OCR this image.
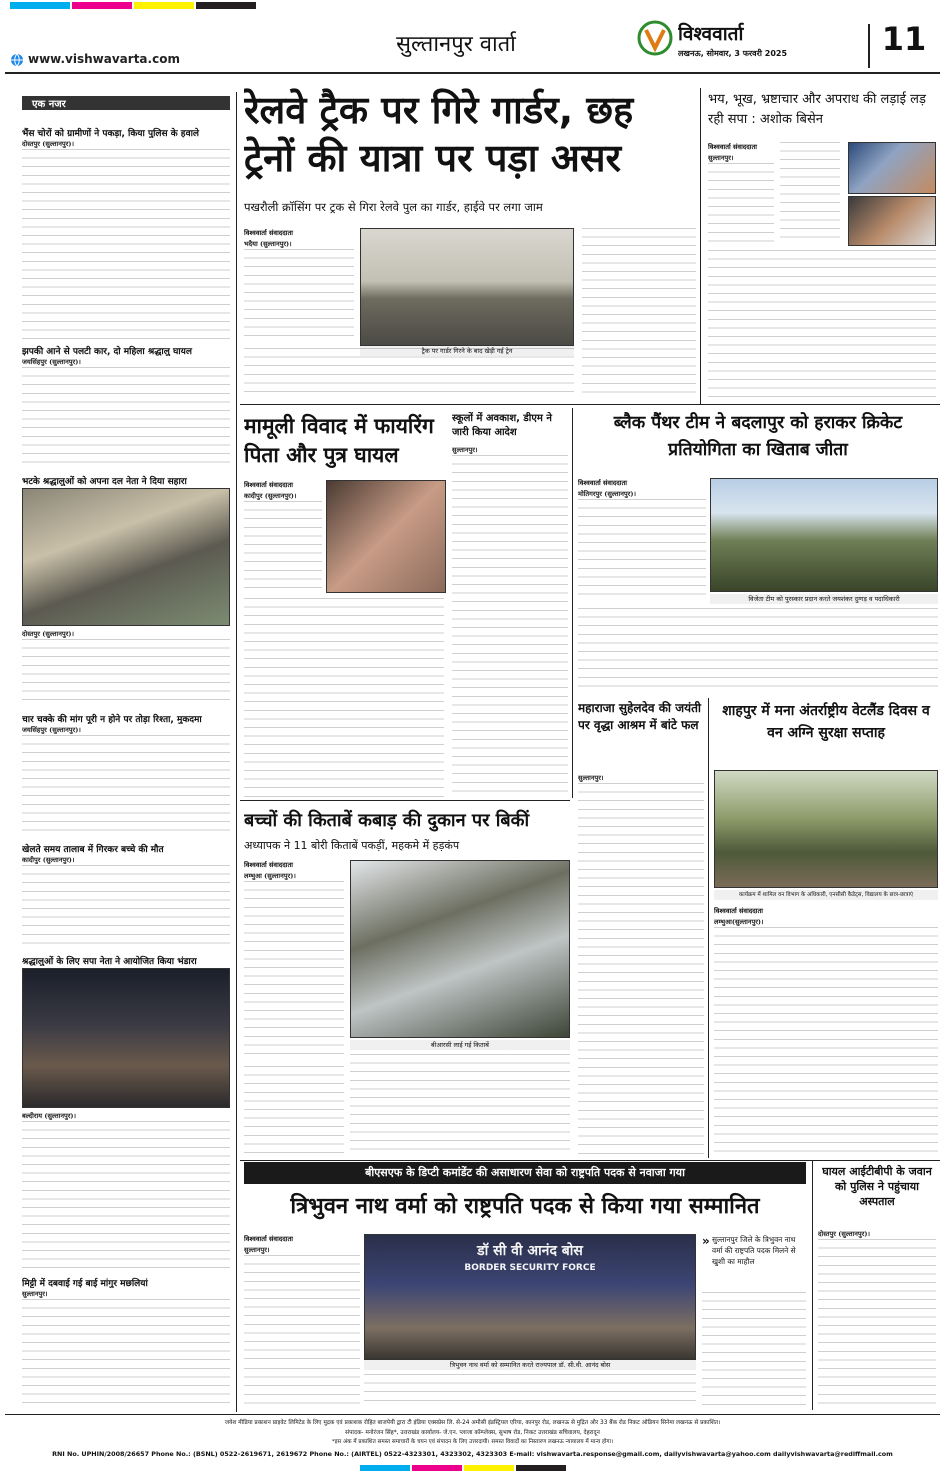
सुल्तानपुर वार्ता
www.vishwavarta.com
विश्ववार्ता
लखनऊ, सोमवार, 3 फरवरी 2025	11
एक नजर
भैंस चोरों को ग्रामीणों ने पकड़ा, किया पुलिस के हवाले
दोस्तपुर (सुल्तानपुर)।
झपकी आने से पलटी कार, दो महिला श्रद्धालु घायल
जयसिंहपुर (सुल्तानपुर)।
भटके श्रद्धालुओं को अपना दल नेता ने दिया सहारा
दोस्तपुर (सुल्तानपुर)।
चार चक्के की मांग पूरी न होने पर तोड़ा रिश्ता, मुकदमा
जयसिंहपुर (सुल्तानपुर)।
खेलते समय तालाब में गिरकर बच्चे की मौत
कादीपुर (सुल्तानपुर)।
श्रद्धालुओं के लिए सपा नेता ने आयोजित किया भंडारा
बल्दीराय (सुल्तानपुर)।
मिट्टी में दबवाई गई बाई मांगुर मछलियां
सुल्तानपुर।
रेलवे ट्रैक पर गिरे गार्डर, छह ट्रेनों की यात्रा पर पड़ा असर
पखरौली क्रॉसिंग पर ट्रक से गिरा रेलवे पुल का गार्डर, हाईवे पर लगा जाम
विश्ववार्ता संवाददाता
भदैया (सुल्तानपुर)।
ट्रैक पर गार्डर गिरने के बाद खेड़ी गई ट्रेन
भय, भूख, भ्रष्टाचार और अपराध की लड़ाई लड़ रही सपा : अशोक बिसेन
विश्ववार्ता संवाददाता
सुल्तानपुर।
मामूली विवाद में फायरिंग पिता और पुत्र घायल
विश्ववार्ता संवाददाता
कादीपुर (सुल्तानपुर)।
स्कूलों में अवकाश, डीएम ने जारी किया आदेश
सुल्तानपुर।
ब्लैक पैंथर टीम ने बदलापुर को हराकर क्रिकेट प्रतियोगिता का खिताब जीता
विश्ववार्ता संवाददाता
मोतिगरपुर (सुल्तानपुर)।
विजेता टीम को पुरस्कार प्रदान करते जयशंकर दुग्गड़ व पदाधिकारी
बच्चों की किताबें कबाड़ की दुकान पर बिकीं
अध्यापक ने 11 बोरी किताबें पकड़ीं, महकमे में हड़कंप
विश्ववार्ता संवाददाता
लम्भुआ (सुल्तानपुर)।
बीआरसी लाई गई किताबें
महाराजा सुहेलदेव की जयंती पर वृद्धा आश्रम में बांटे फल
सुल्तानपुर।
शाहपुर में मना अंतर्राष्ट्रीय वेटलैंड दिवस व वन अग्नि सुरक्षा सप्ताह
कार्यक्रम में शामिल वन विभाग के अधिकारी, एनसीसी कैडेट्स, विद्यालय के छात्र-छात्राएं
विश्ववार्ता संवाददाता
लम्भुआ(सुल्तानपुर)।
बीएसएफ के डिप्टी कमांडेंट की असाधारण सेवा को राष्ट्रपति पदक से नवाजा गया
त्रिभुवन नाथ वर्मा को राष्ट्रपति पदक से किया गया सम्मानित
विश्ववार्ता संवाददाता
सुल्तानपुर।	डॉ सी वी आनंद बोस
BORDER SECURITY FORCE
त्रिभुवन नाथ वर्मा को सम्मानित करते राज्यपाल डॉ. सी.वी. आनंद बोस
» सुल्तानपुर जिले के त्रिभुवन नाथ वर्मा की राष्ट्रपति पदक मिलने से खुशी का माहौल
घायल आईटीबीपी के जवान को पुलिस ने पहुंचाया अस्पताल
दोस्तपुर (सुल्तानपुर)।
जयेश मीडिया प्रकाशन प्राइवेट लिमिटेड के लिए मुद्रक एवं प्रकाशक रोहित बाजपेयी द्वारा टी इंडिया एक्सप्रेस लि. से-24 अमौसी इंडस्ट्रियल एरिया, कानपुर रोड, लखनऊ से मुद्रित और 33 बैंक रोड निकट ओडियन सिनेमा लखनऊ से प्रकाशित।
संपादक- मनोरंजन सिंह*, उत्तराखंड कार्यालय- जे.एन. प्लाजा कॉम्प्लेक्स, सुभाष रोड, निकट उत्तराखंड सचिवालय, देहरादून
*इस अंक में प्रकाशित समस्त समाचारों के चयन एवं संपादन के लिए उत्तरदायी। समस्त विवादों का निस्तारण लखनऊ न्यायालय में मान्य होगा।
RNI No. UPHIN/2008/26657 Phone No.: (BSNL) 0522-2619671, 2619672 Phone No.: (AIRTEL) 0522-4323301, 4323302, 4323303 E-mail: vishwavarta.response@gmail.com, dailyvishwavarta@yahoo.com dailyvishwavarta@rediffmail.com
